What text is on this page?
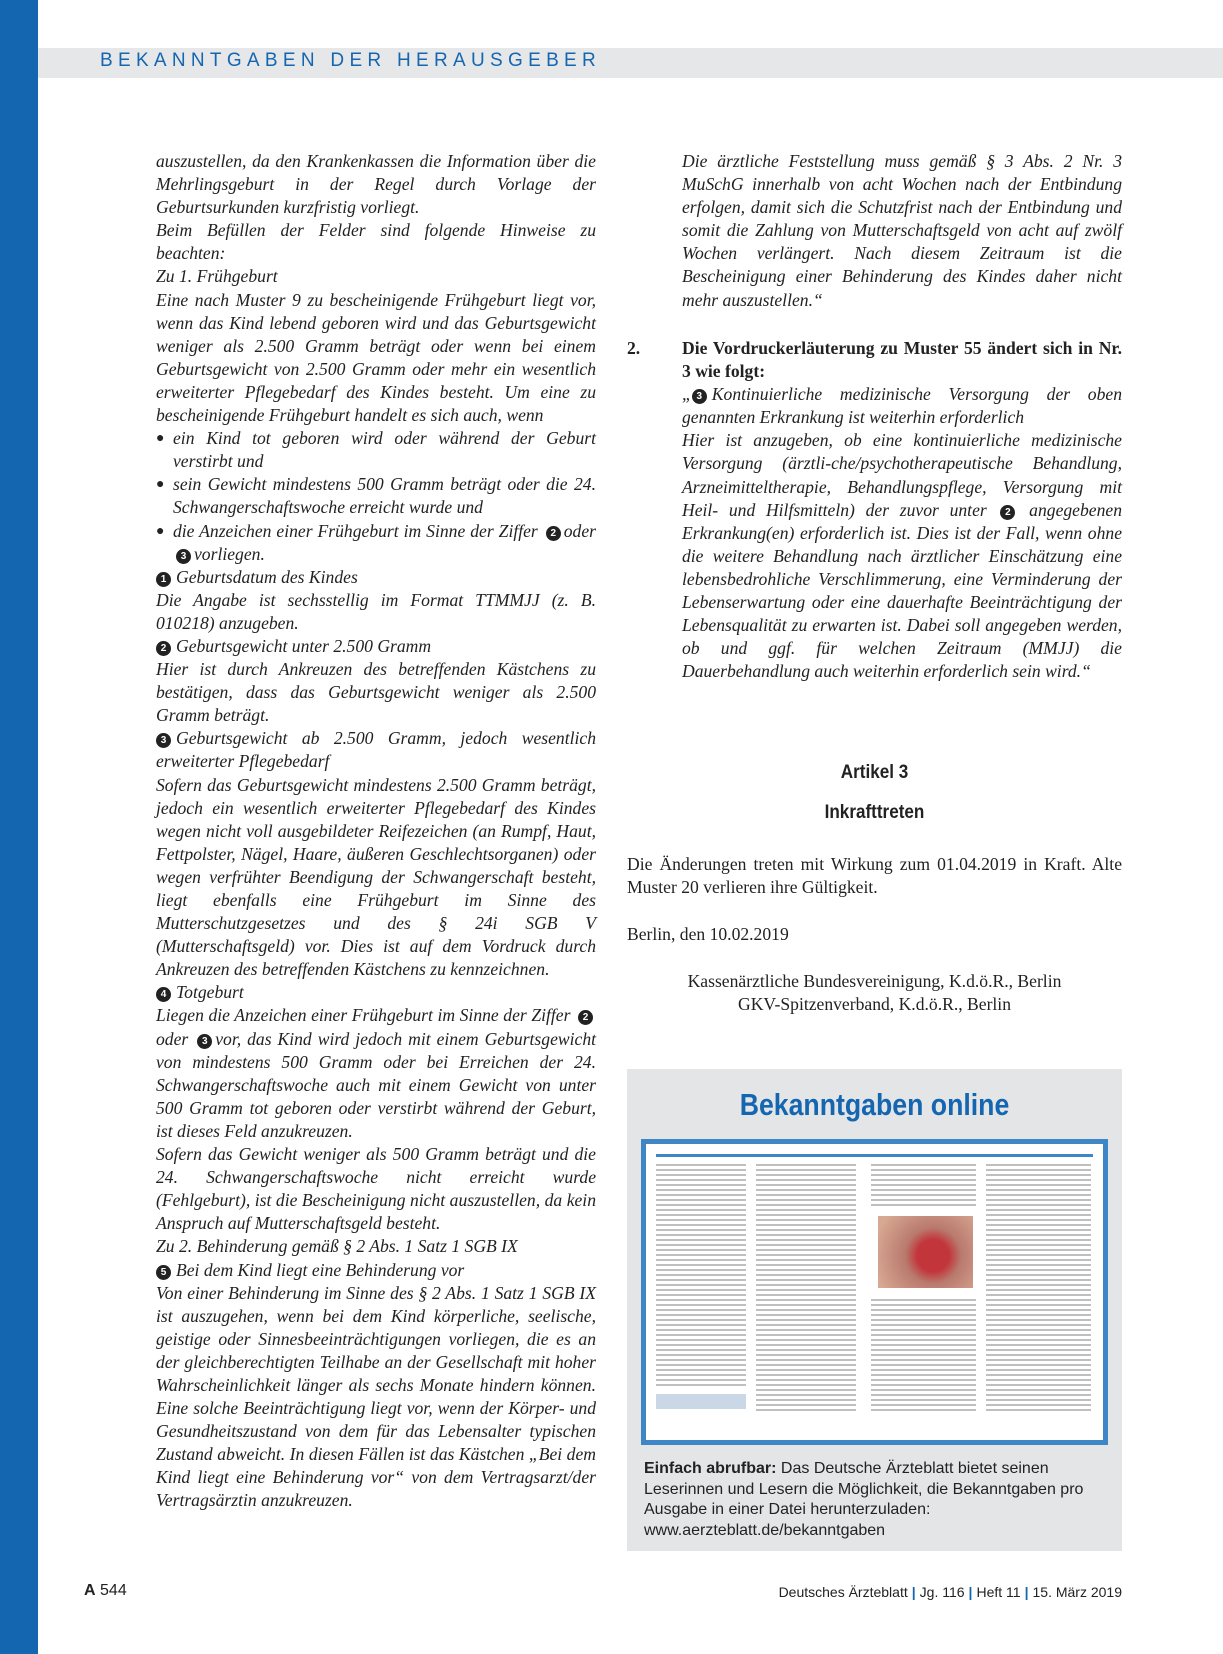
BEKANNTGABEN DER HERAUSGEBER

auszustellen, da den Krankenkassen die Information über die Mehrlingsgeburt in der Regel durch Vorlage der Geburtsurkunden kurzfristig vorliegt.

Beim Befüllen der Felder sind folgende Hinweise zu beachten:

Zu 1. Frühgeburt

Eine nach Muster 9 zu bescheinigende Frühgeburt liegt vor, wenn das Kind lebend geboren wird und das Geburtsgewicht weniger als 2.500 Gramm beträgt oder wenn bei einem Geburtsgewicht von 2.500 Gramm oder mehr ein wesentlich erweiterter Pflegebedarf des Kindes besteht. Um eine zu bescheinigende Frühgeburt handelt es sich auch, wenn

● ein Kind tot geboren wird oder während der Geburt verstirbt und
● sein Gewicht mindestens 500 Gramm beträgt oder die 24. Schwangerschaftswoche erreicht wurde und
● die Anzeichen einer Frühgeburt im Sinne der Ziffer 2 oder 3 vorliegen.

1 Geburtsdatum des Kindes

Die Angabe ist sechsstellig im Format TTMMJJ (z. B. 010218) anzugeben.

2 Geburtsgewicht unter 2.500 Gramm

Hier ist durch Ankreuzen des betreffenden Kästchens zu bestätigen, dass das Geburtsgewicht weniger als 2.500 Gramm beträgt.

3 Geburtsgewicht ab 2.500 Gramm, jedoch wesentlich erweiterter Pflegebedarf

Sofern das Geburtsgewicht mindestens 2.500 Gramm beträgt, jedoch ein wesentlich erweiterter Pflegebedarf des Kindes wegen nicht voll ausgebildeter Reifezeichen (an Rumpf, Haut, Fettpolster, Nägel, Haare, äußeren Geschlechtsorganen) oder wegen verfrühter Beendigung der Schwangerschaft besteht, liegt ebenfalls eine Frühgeburt im Sinne des Mutterschutzgesetzes und des § 24i SGB V (Mutterschaftsgeld) vor. Dies ist auf dem Vordruck durch Ankreuzen des betreffenden Kästchens zu kennzeichnen.

4 Totgeburt

Liegen die Anzeichen einer Frühgeburt im Sinne der Ziffer 2oder 3 vor, das Kind wird jedoch mit einem Geburtsgewicht von mindestens 500 Gramm oder bei Erreichen der 24. Schwangerschaftswoche auch mit einem Gewicht von unter 500 Gramm tot geboren oder verstirbt während der Geburt, ist dieses Feld anzukreuzen.

Sofern das Gewicht weniger als 500 Gramm beträgt und die 24. Schwangerschaftswoche nicht erreicht wurde (Fehlgeburt), ist die Bescheinigung nicht auszustellen, da kein Anspruch auf Mutterschaftsgeld besteht.

Zu 2. Behinderung gemäß § 2 Abs. 1 Satz 1 SGB IX

5 Bei dem Kind liegt eine Behinderung vor

Von einer Behinderung im Sinne des § 2 Abs. 1 Satz 1 SGB IX ist auszugehen, wenn bei dem Kind körperliche, seelische, geistige oder Sinnesbeeinträchtigungen vorliegen, die es an der gleichberechtigten Teilhabe an der Gesellschaft mit hoher Wahrscheinlichkeit länger als sechs Monate hindern können. Eine solche Beeinträchtigung liegt vor, wenn der Körper- und Gesundheitszustand von dem für das Lebensalter typischen Zustand abweicht. In diesen Fällen ist das Kästchen „Bei dem Kind liegt eine Behinderung vor“ von dem Vertragsarzt/der Vertragsärztin anzukreuzen.

Die ärztliche Feststellung muss gemäß § 3 Abs. 2 Nr. 3 MuSchG innerhalb von acht Wochen nach der Entbindung erfolgen, damit sich die Schutzfrist nach der Entbindung und somit die Zahlung von Mutterschaftsgeld von acht auf zwölf Wochen verlängert. Nach diesem Zeitraum ist die Bescheinigung einer Behinderung des Kindes daher nicht mehr auszustellen.“

2. Die Vordruckerläuterung zu Muster 55 ändert sich in Nr. 3 wie folgt:

„ 3 Kontinuierliche medizinische Versorgung der oben genannten Erkrankung ist weiterhin erforderlich

Hier ist anzugeben, ob eine kontinuierliche medizinische Versorgung (ärztli-che/psychotherapeutische Behandlung, Arzneimitteltherapie, Behandlungspflege, Versorgung mit Heil- und Hilfsmitteln) der zuvor unter 2 angegebenen Erkrankung(en) erforderlich ist. Dies ist der Fall, wenn ohne die weitere Behandlung nach ärztlicher Einschätzung eine lebensbedrohliche Verschlimmerung, eine Verminderung der Lebenserwartung oder eine dauerhafte Beeinträchtigung der Lebensqualität zu erwarten ist. Dabei soll angegeben werden, ob und ggf. für welchen Zeitraum (MMJJ) die Dauerbehandlung auch weiterhin erforderlich sein wird.“

Artikel 3
Inkrafttreten

Die Änderungen treten mit Wirkung zum 01.04.2019 in Kraft. Alte Muster 20 verlieren ihre Gültigkeit.

Berlin, den 10.02.2019

Kassenärztliche Bundesvereinigung, K.d.ö.R., Berlin

GKV-Spitzenverband, K.d.ö.R., Berlin

Bekanntgaben online

Einfach abrufbar: Das Deutsche Ärzteblatt bietet seinen Leserinnen und Lesern die Möglichkeit, die Bekanntgaben pro Ausgabe in einer Datei herunterzuladen: www.aerzteblatt.de/bekanntgaben

A 544	Deutsches Ärzteblatt | Jg. 116 | Heft 11 | 15. März 2019
